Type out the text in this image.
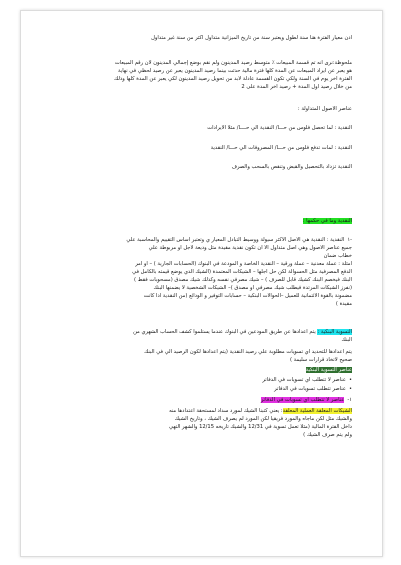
اذن معيار الفترة هنا سنة لطول ويعتبر سنة من تاريخ الميزانية متداول اكثر من سنة غير متداول
ملحوظة:نرى انه تم قسمة المبيعات ٪ متوسط رصيد المدينون ولم نقم بوضع إجمالي المدينون لان رقم المبيعات
هو يعبر عن ايراد المبيعات عن المدة كلها فترة مالية حدثت بينما رصيد المدينون يعبر عن رصيد لحظي في نهاية
الفترة اخر يوم في السنة ولكي تكون القسمة عادلة لابد من تحويل رصيد المدينون لكي يعبر عن المدة كلها وذلك
من خلال رصيد اول المدة + رصيد اخر المدة على 2
عناصر الاصول المتداولة :
النقدية : لما تحصل فلوس من حـــا/ النقدية الي حــــا/ مثلا الايرادات
النقدية : لمات تدفع فلوس من حـــا/ المصروفات الي حـــا/ النقدية
النقدية تزداد بالتحصيل والقبض وتنقص بالسحب والصرف
النقدية وما في حكمها :
-١النقدية : النقدية هي الاصل الاكثر سيولة ووسيط التبادل المعيار ي وتعتبر اساس التقييم والمحاسبة علي
جميع عناصر الاصول وهي اصل متداول الا ان تكون نقدية مقيدة مثل وديعة لاجل او مربوطة علي
خطاب ضمان
امثلة : عملة معدنية – عملة ورقية – النقدية الخاصة و المودعة في البنوك (الحسابات الجارية ) – او امر
الدفع المصرفية مثل الحسوالة لكن حل اجلها – الشيكات المعتمدة (الشيك الذي يوضع قيمته بالكامل في
البنك فيخصم البنك كشيك قابل للصرف ) – شيك مصرفي نفسه وكذلك شيك مصدق (مسحوبات فقط )
(نفرز الشيكات المرتدة فيطلب شيك مصرفي او مصدق )– الشيكات الشخصية لا يضمنها البنك
مضمونة بالقوة الائتمانية للعميل –الحوالات البنكية – حسابات التوفير و الودائع (من النقدية اذا كانت
مقيدة )
التسوية البنكية : يتم اعدادها عن طريق المودعين في البنوك عندما يستلموا كشف الحساب الشهري من
البنك
يتم اعدادها للتحديد اي تسويات مطلوبة علي رصيد النقدية (يتم اعدادها لكون الرصيد الي في البنك
صحيح لاتخاذ قرارات سليمة )
عناصر التسوية البنكية
•عناصر لا تتطلب اي تسويات في الدفاتر
•عناصر تتطلب تسويات في الدفاتر
١-عناصر لا تتطلب اي تسويات في الدفاتر
الشيكات المعلقة العملية المعلقة: يعني كتبنا الشيك لمورد سداد لمستحقة اعتدادها منه
والشيك مثل لكن ماجاه والمورد فريقيا لكن المورد لم يصرف الشيك ، وتاريخ الشيك
داخل الفترة المالية (مثلا تعمل تسوية في 12/31 والشيك تاريخه 12/15 والشهر التهي
ولم يتم صرف الشيك )
